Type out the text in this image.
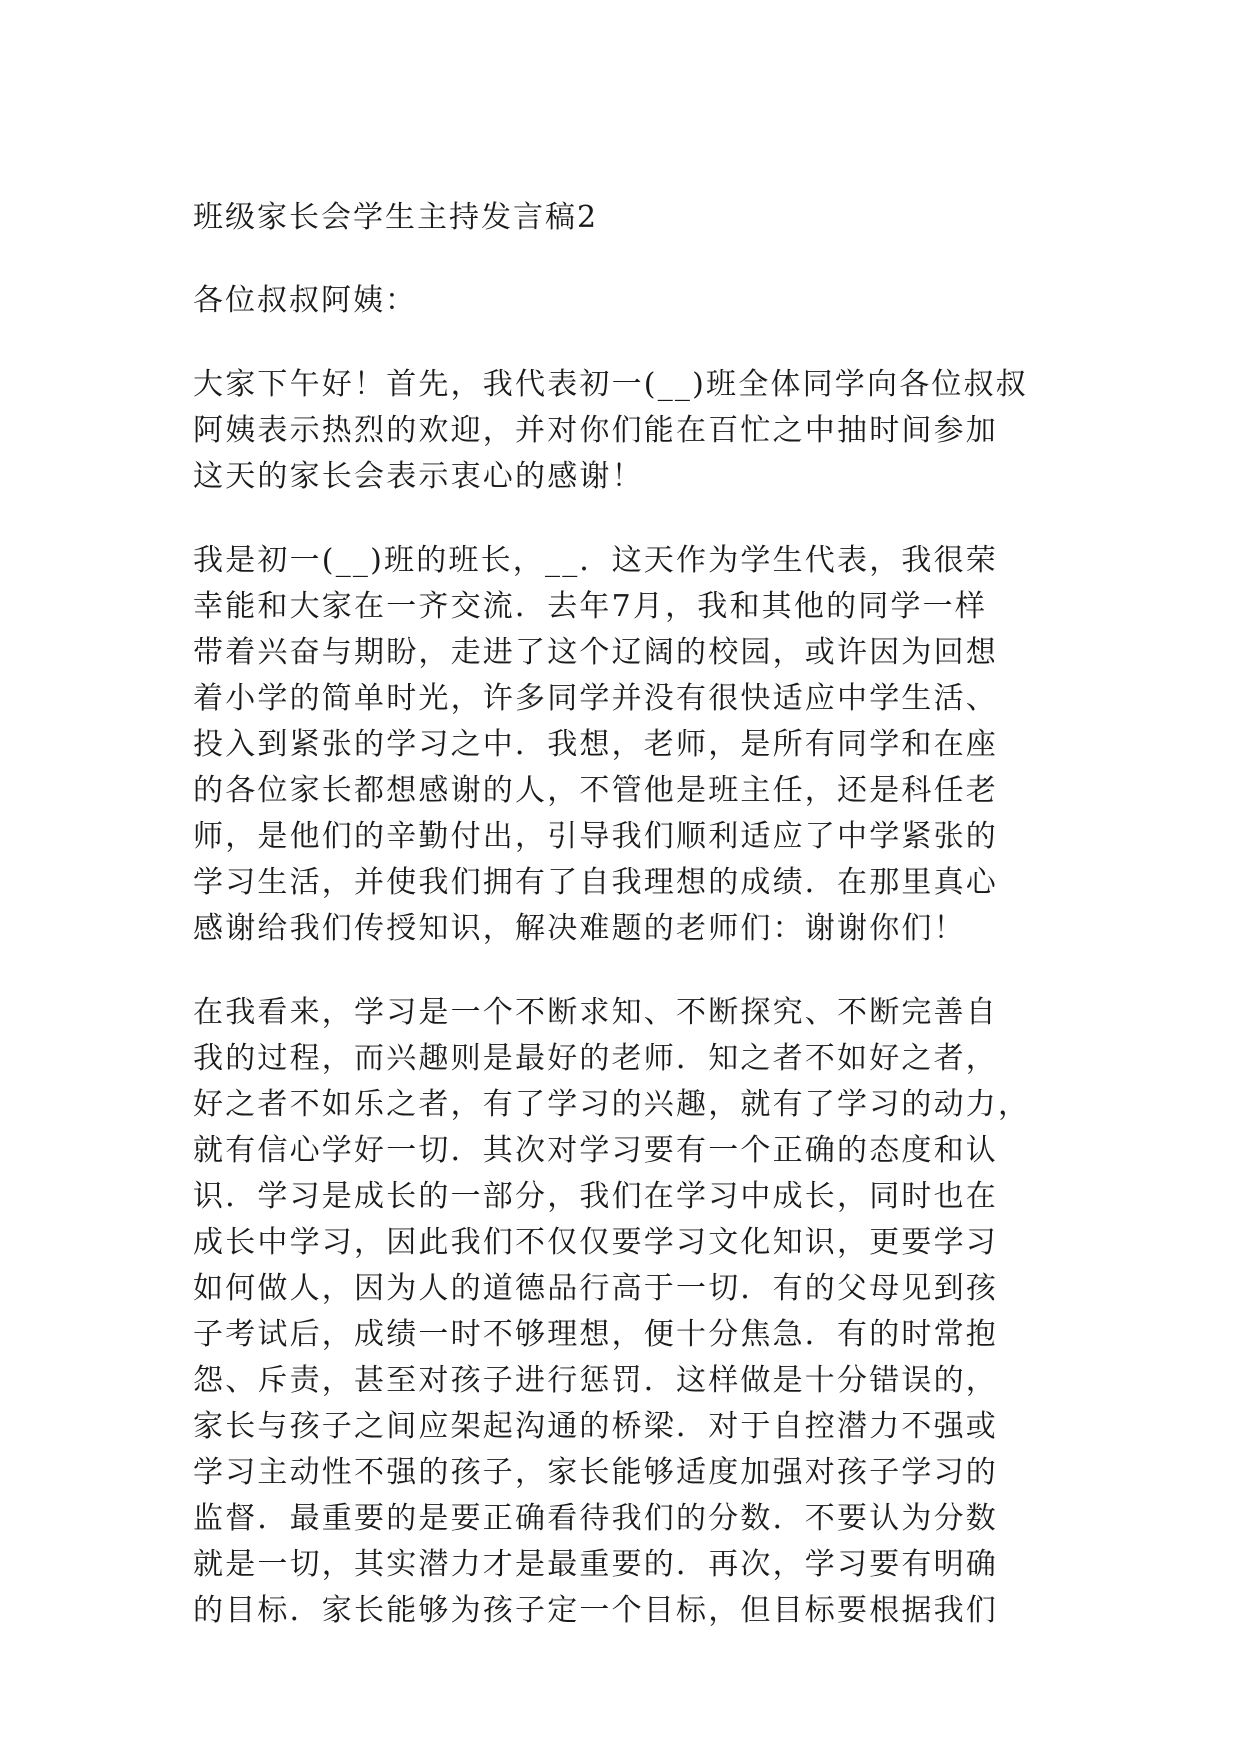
班级家长会学生主持发言稿2

各位叔叔阿姨：

大家下午好！首先，我代表初一(__)班全体同学向各位叔叔
阿姨表示热烈的欢迎，并对你们能在百忙之中抽时间参加
这天的家长会表示衷心的感谢！

我是初一(__)班的班长，__．这天作为学生代表，我很荣
幸能和大家在一齐交流．去年7月，我和其他的同学一样
带着兴奋与期盼，走进了这个辽阔的校园，或许因为回想
着小学的简单时光，许多同学并没有很快适应中学生活、
投入到紧张的学习之中．我想，老师，是所有同学和在座
的各位家长都想感谢的人，不管他是班主任，还是科任老
师，是他们的辛勤付出，引导我们顺利适应了中学紧张的
学习生活，并使我们拥有了自我理想的成绩．在那里真心
感谢给我们传授知识，解决难题的老师们：谢谢你们！

在我看来，学习是一个不断求知、不断探究、不断完善自
我的过程，而兴趣则是最好的老师．知之者不如好之者，
好之者不如乐之者，有了学习的兴趣，就有了学习的动力，
就有信心学好一切．其次对学习要有一个正确的态度和认
识．学习是成长的一部分，我们在学习中成长，同时也在
成长中学习，因此我们不仅仅要学习文化知识，更要学习
如何做人，因为人的道德品行高于一切．有的父母见到孩
子考试后，成绩一时不够理想，便十分焦急．有的时常抱
怨、斥责，甚至对孩子进行惩罚．这样做是十分错误的，
家长与孩子之间应架起沟通的桥梁．对于自控潜力不强或
学习主动性不强的孩子，家长能够适度加强对孩子学习的
监督．最重要的是要正确看待我们的分数．不要认为分数
就是一切，其实潜力才是最重要的．再次，学习要有明确
的目标．家长能够为孩子定一个目标，但目标要根据我们
